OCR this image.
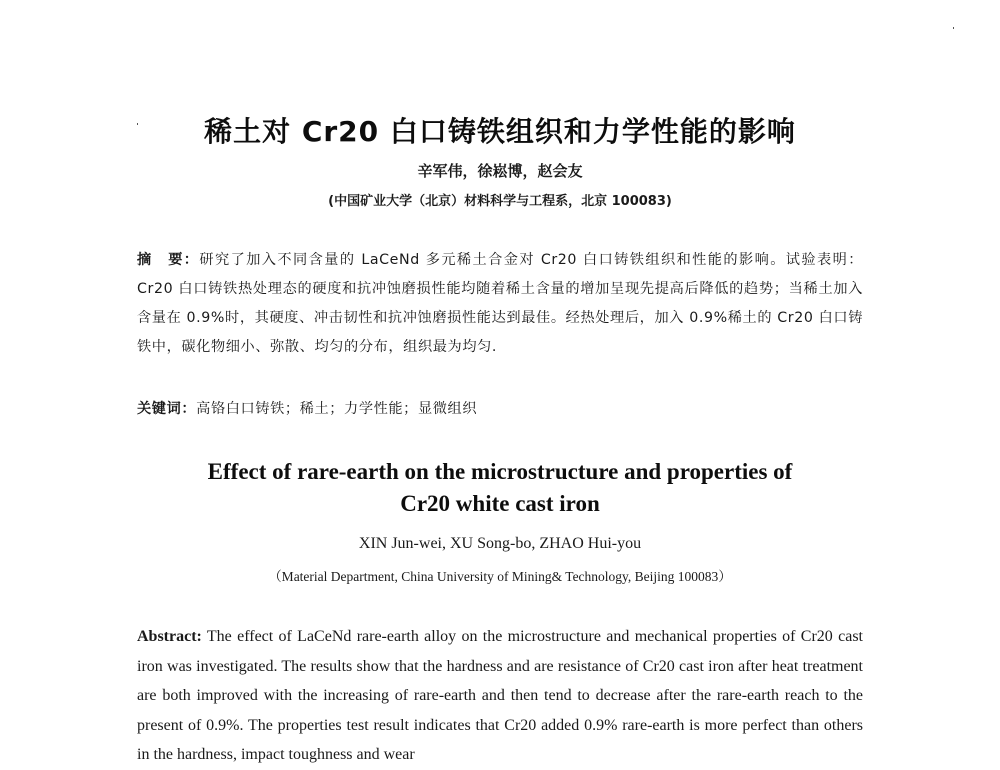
稀土对 Cr20 白口铸铁组织和力学性能的影响
辛军伟，徐崧博，赵会友
(中国矿业大学（北京）材料科学与工程系，北京 100083)
摘　要：研究了加入不同含量的 LaCeNd 多元稀土合金对 Cr20 白口铸铁组织和性能的影响。试验表明：Cr20 白口铸铁热处理态的硬度和抗冲蚀磨损性能均随着稀土含量的增加呈现先提高后降低的趋势；当稀土加入含量在 0.9%时，其硬度、冲击韧性和抗冲蚀磨损性能达到最佳。经热处理后，加入 0.9%稀土的 Cr20 白口铸铁中，碳化物细小、弥散、均匀的分布，组织最为均匀.
关键词：高铬白口铸铁；稀土；力学性能；显微组织
Effect of rare-earth on the microstructure and properties of
Cr20 white cast iron
XIN Jun-wei, XU Song-bo, ZHAO Hui-you
（Material Department, China University of Mining& Technology, Beijing 100083）
Abstract: The effect of LaCeNd rare-earth alloy on the microstructure and mechanical properties of Cr20 cast iron was investigated. The results show that the hardness and are resistance of Cr20 cast iron after heat treatment are both improved with the increasing of rare-earth and then tend to decrease after the rare-earth reach to the present of 0.9%. The properties test result indicates that Cr20 added 0.9% rare-earth is more perfect than others in the hardness, impact toughness and wear
